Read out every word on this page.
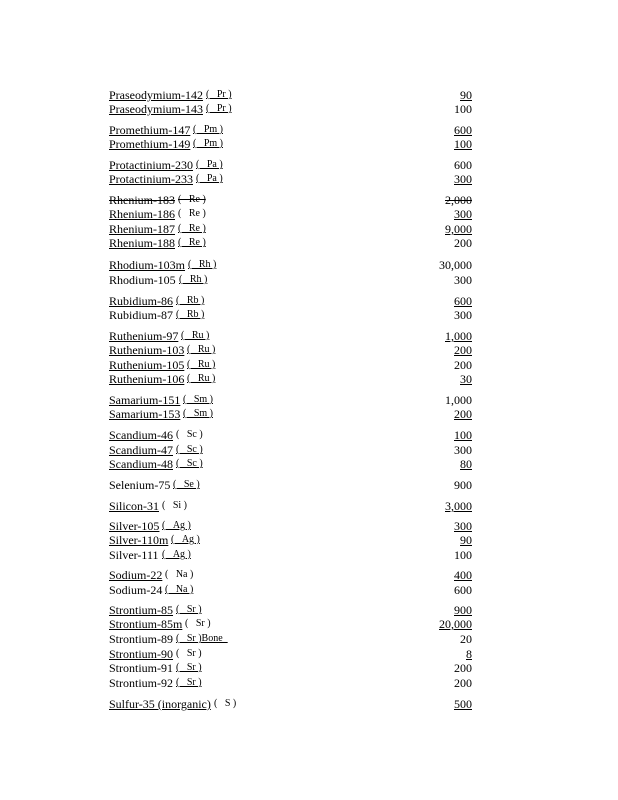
Praseodymium-142 (   Pr )	90
Praseodymium-143 (   Pr )	100
Promethium-147 (   Pm )	600
Promethium-149 (   Pm )	100
Protactinium-230 (   Pa )	600
Protactinium-233 (   Pa )	300
Rhenium-183 (   Re )	2,000
Rhenium-186 (   Re )	300
Rhenium-187 (   Re )	9,000
Rhenium-188 (   Re )	200
Rhodium-103m (   Rh )	30,000
Rhodium-105 (   Rh )	300
Rubidium-86 (   Rb )	600
Rubidium-87 (   Rb )	300
Ruthenium-97 (   Ru )	1,000
Ruthenium-103 (   Ru )	200
Ruthenium-105 (   Ru )	200
Ruthenium-106 (   Ru )	30
Samarium-151 (   Sm )	1,000
Samarium-153 (   Sm )	200
Scandium-46 (   Sc )	100
Scandium-47 (   Sc )	300
Scandium-48 (   Sc )	80
Selenium-75 (   Se )	900
Silicon-31 (   Si )	3,000
Silver-105 (   Ag )	300
Silver-110m (   Ag )	90
Silver-111 (   Ag )	100
Sodium-22 (   Na )	400
Sodium-24 (   Na )	600
Strontium-85 (   Sr )	900
Strontium-85m (   Sr )	20,000
Strontium-89 (   Sr )Bone	20
Strontium-90 (   Sr )	8
Strontium-91 (   Sr )	200
Strontium-92 (   Sr )	200
Sulfur-35 (inorganic) (   S )	500
